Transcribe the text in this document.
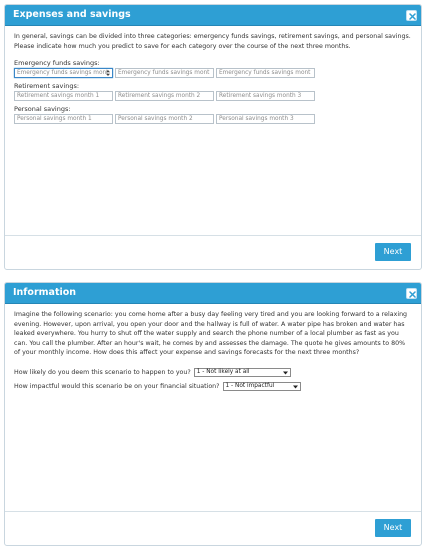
Expenses and savings

In general, savings can be divided into three categories: emergency funds savings, retirement savings, and personal savings. Please indicate how much you predict to save for each category over the course of the next three months.

Emergency funds savings:
Emergency funds savings mont	Emergency funds savings mont	Emergency funds savings mont
Retirement savings:
Retirement savings month 1	Retirement savings month 2	Retirement savings month 3
Personal savings:
Personal savings month 1	Personal savings month 2	Personal savings month 3
Next
Information

Imagine the following scenario: you come home after a busy day feeling very tired and you are looking forward to a relaxing evening. However, upon arrival, you open your door and the hallway is full of water. A water pipe has broken and water has leaked everywhere. You hurry to shut off the water supply and search the phone number of a local plumber as fast as you can. You call the plumber. After an hour's wait, he comes by and assesses the damage. The quote he gives amounts to 80% of your monthly income. How does this affect your expense and savings forecasts for the next three months?

How likely do you deem this scenario to happen to you?	1 - Not likely at all
How impactful would this scenario be on your financial situation?	1 - Not impactful
Next
